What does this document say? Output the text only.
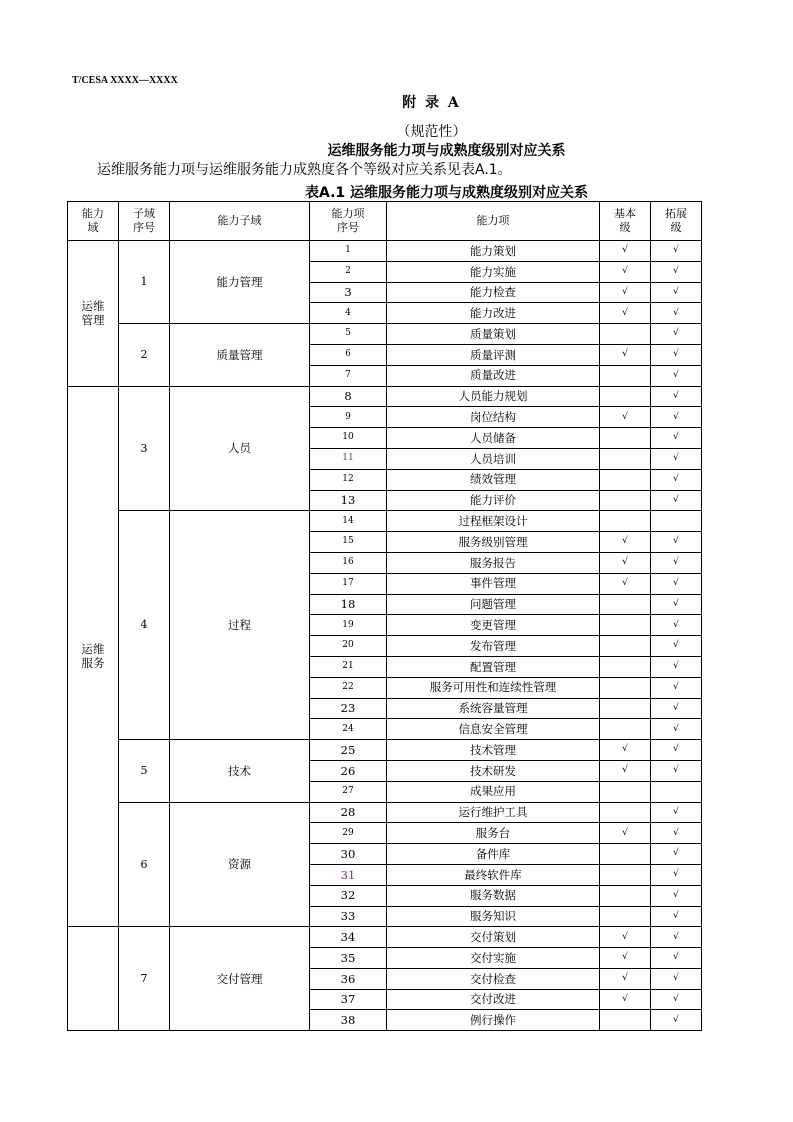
T/CESA XXXX—XXXX
附 录 A
（规范性）
运维服务能力项与成熟度级别对应关系
运维服务能力项与运维服务能力成熟度各个等级对应关系见表A.1。
表A.1 运维服务能力项与成熟度级别对应关系
能力域	子域序号	能力子域	能力项序号	能力项	基本级	拓展级
运维管理	1	能力管理	1	能力策划	√	√
			2	能力实施	√	√
			3	能力检查	√	√
			4	能力改进	√	√
	2	质量管理	5	质量策划		√
			6	质量评测	√	√
			7	质量改进		√
运维服务	3	人员	8	人员能力规划		√
			9	岗位结构	√	√
			10	人员储备		√
			11	人员培训		√
			12	绩效管理		√
			13	能力评价		√
	4	过程	14	过程框架设计		
			15	服务级别管理	√	√
			16	服务报告	√	√
			17	事件管理	√	√
			18	问题管理		√
			19	变更管理		√
			20	发布管理		√
			21	配置管理		√
			22	服务可用性和连续性管理		√
			23	系统容量管理		√
			24	信息安全管理		√
	5	技术	25	技术管理	√	√
			26	技术研发	√	√
			27	成果应用		
	6	资源	28	运行维护工具		√
			29	服务台	√	√
			30	备件库		√
			31	最终软件库		√
			32	服务数据		√
			33	服务知识		√
	7	交付管理	34	交付策划	√	√
			35	交付实施	√	√
			36	交付检查	√	√
			37	交付改进	√	√
			38	例行操作		√
